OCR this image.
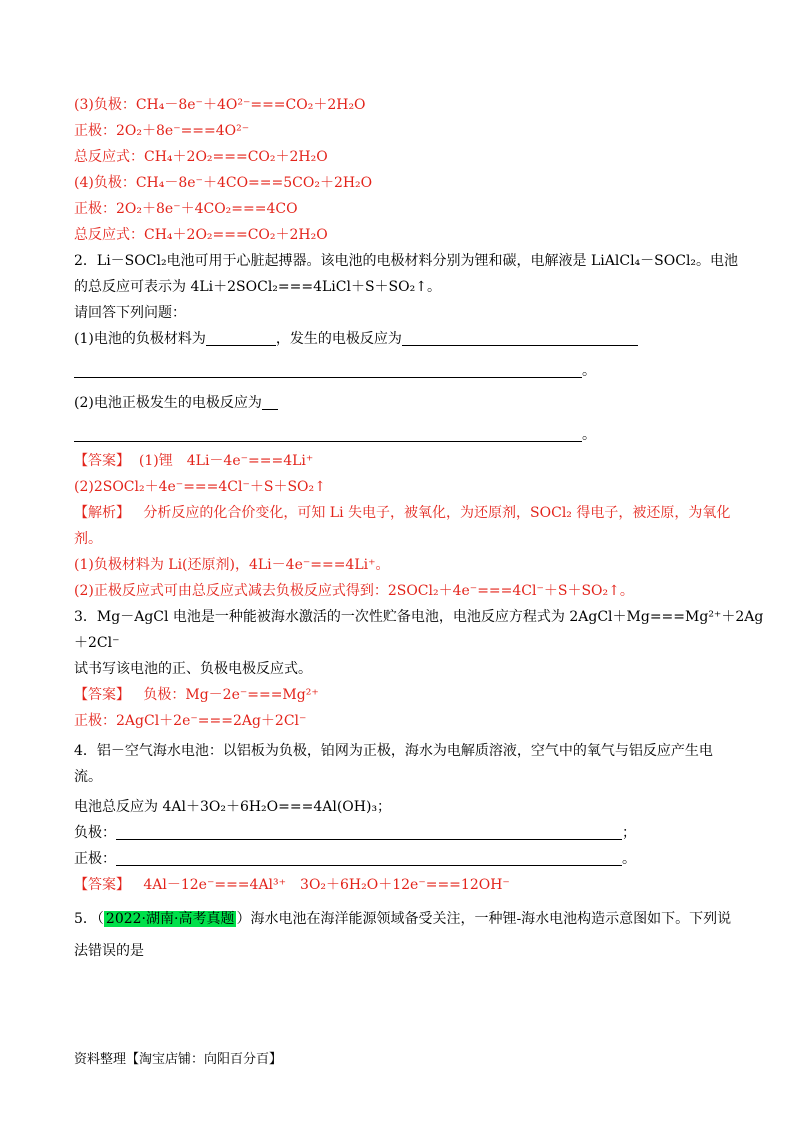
(3)负极：CH₄－8e⁻＋4O²⁻===CO₂＋2H₂O
正极：2O₂＋8e⁻===4O²⁻
总反应式：CH₄＋2O₂===CO₂＋2H₂O
(4)负极：CH₄－8e⁻＋4CO===5CO₂＋2H₂O
正极：2O₂＋8e⁻＋4CO₂===4CO
总反应式：CH₄＋2O₂===CO₂＋2H₂O
2．Li－SOCl₂电池可用于心脏起搏器。该电池的电极材料分别为锂和碳，电解液是 LiAlCl₄－SOCl₂。电池
的总反应可表示为 4Li＋2SOCl₂===4LiCl＋S＋SO₂↑。
请回答下列问题：
(1)电池的负极材料为	，发生的电极反应为
。
(2)电池正极发生的电极反应为
。
【答案】 (1)锂　4Li－4e⁻===4Li⁺
(2)2SOCl₂＋4e⁻===4Cl⁻＋S＋SO₂↑
【解析】 分析反应的化合价变化，可知 Li 失电子，被氧化，为还原剂，SOCl₂ 得电子，被还原，为氧化
剂。
(1)负极材料为 Li(还原剂)，4Li－4e⁻===4Li⁺。
(2)正极反应式可由总反应式减去负极反应式得到：2SOCl₂＋4e⁻===4Cl⁻＋S＋SO₂↑。
3．Mg－AgCl 电池是一种能被海水激活的一次性贮备电池，电池反应方程式为 2AgCl＋Mg===Mg²⁺＋2Ag
＋2Cl⁻
试书写该电池的正、负极电极反应式。
【答案】 负极：Mg－2e⁻===Mg²⁺
正极：2AgCl＋2e⁻===2Ag＋2Cl⁻
4．铝－空气海水电池：以铝板为负极，铂网为正极，海水为电解质溶液，空气中的氧气与铝反应产生电
流。
电池总反应为 4Al＋3O₂＋6H₂O===4Al(OH)₃；
负极：	；
正极：	。
【答案】 4Al－12e⁻===4Al³⁺　3O₂＋6H₂O＋12e⁻===12OH⁻
5．（ 2022·湖南·高考真题 ）海水电池在海洋能源领域备受关注，一种锂-海水电池构造示意图如下。下列说
法错误的是
资料整理【淘宝店铺：向阳百分百】
